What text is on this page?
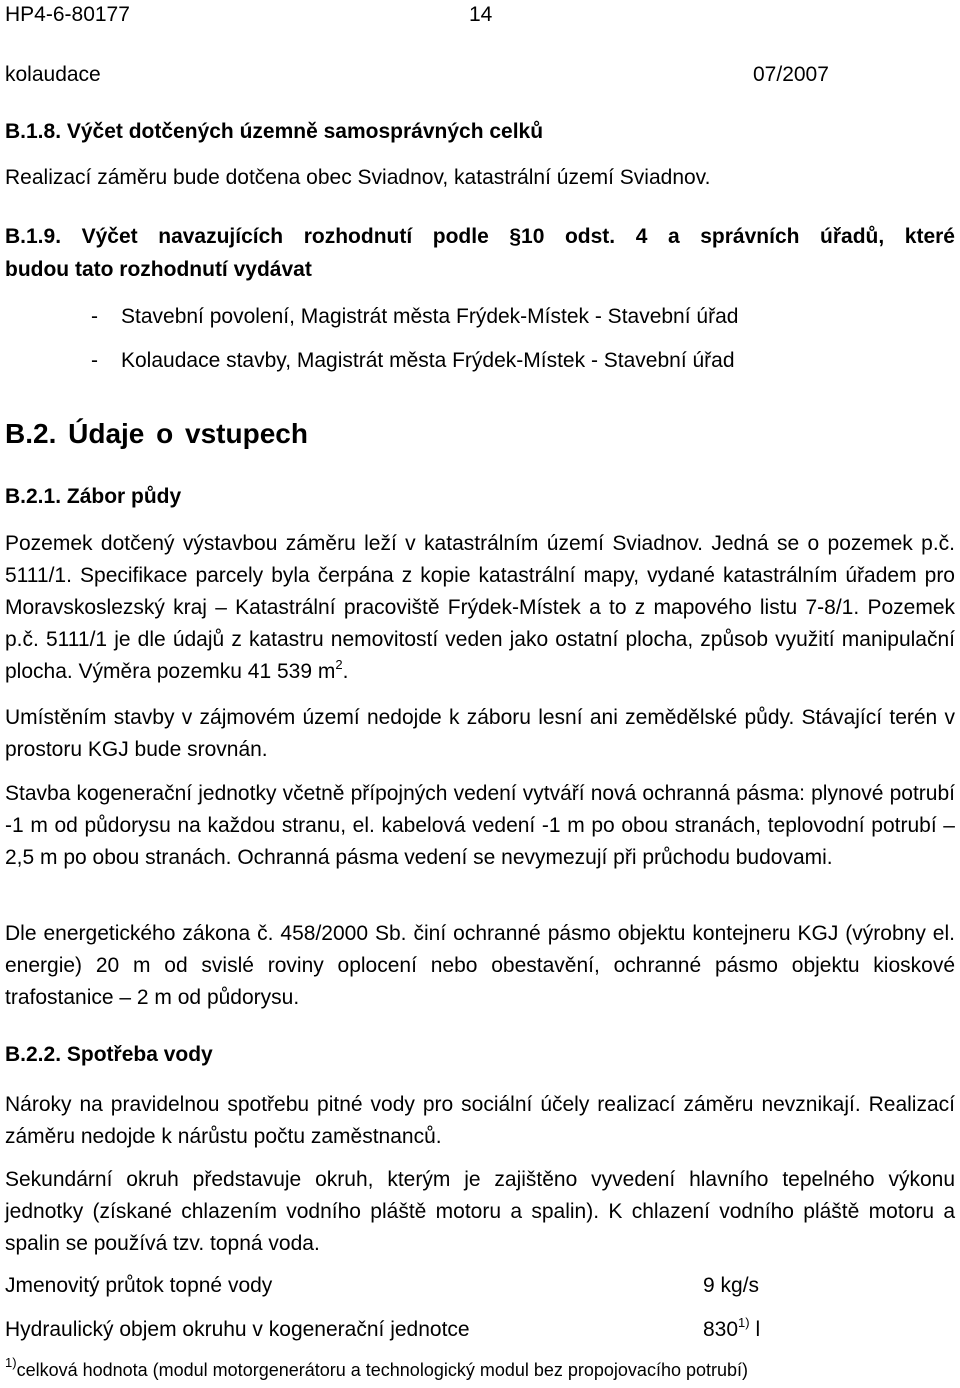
HP4-6-80177	14
kolaudace	07/2007
B.1.8. Výčet dotčených územně samosprávných celků
Realizací záměru bude dotčena obec Sviadnov, katastrální území Sviadnov.
B.1.9. Výčet navazujících rozhodnutí podle §10 odst. 4 a správních úřadů, které
budou tato rozhodnutí vydávat
- Stavební povolení, Magistrát města Frýdek-Místek - Stavební úřad
- Kolaudace stavby, Magistrát města Frýdek-Místek - Stavební úřad
B.2. Údaje o vstupech
B.2.1. Zábor půdy

Pozemek dotčený výstavbou záměru leží v katastrálním území Sviadnov. Jedná se o pozemek p.č. 5111/1. Specifikace parcely byla čerpána z kopie katastrální mapy, vydané katastrálním úřadem pro Moravskoslezský kraj – Katastrální pracoviště Frýdek-Místek a to z mapového listu 7-8/1. Pozemek p.č. 5111/1 je dle údajů z katastru nemovitostí veden jako ostatní plocha, způsob využití manipulační plocha. Výměra pozemku 41 539 $m^2$.

Umístěním stavby v zájmovém území nedojde k záboru lesní ani zemědělské půdy. Stávající terén v prostoru KGJ bude srovnán.
Stavba kogenerační jednotky včetně přípojných vedení vytváří nová ochranná pásma: plynové potrubí -1 m od půdorysu na každou stranu, el. kabelová vedení -1 m po obou stranách, teplovodní potrubí – 2,5 m po obou stranách. Ochranná pásma vedení se nevymezují při průchodu budovami.
Dle energetického zákona č. 458/2000 Sb. činí ochranné pásmo objektu kontejneru KGJ (výrobny el. energie) 20 m od svislé roviny oplocení nebo obestavění, ochranné pásmo objektu kioskové trafostanice – 2 m od půdorysu.
B.2.2. Spotřeba vody
Nároky na pravidelnou spotřebu pitné vody pro sociální účely realizací záměru nevznikají. Realizací záměru nedojde k nárůstu počtu zaměstnanců.
Sekundární okruh představuje okruh, kterým je zajištěno vyvedení hlavního tepelného výkonu jednotky (získané chlazením vodního pláště motoru a spalin). K chlazení vodního pláště motoru a spalin se používá tzv. topná voda.
Jmenovitý průtok topné vody	9 kg/s
Hydraulický objem okruhu v kogenerační jednotce	830$^{1)}$ l
$^{1)}$celková hodnota (modul motorgenerátoru a technologický modul bez propojovacího potrubí)
